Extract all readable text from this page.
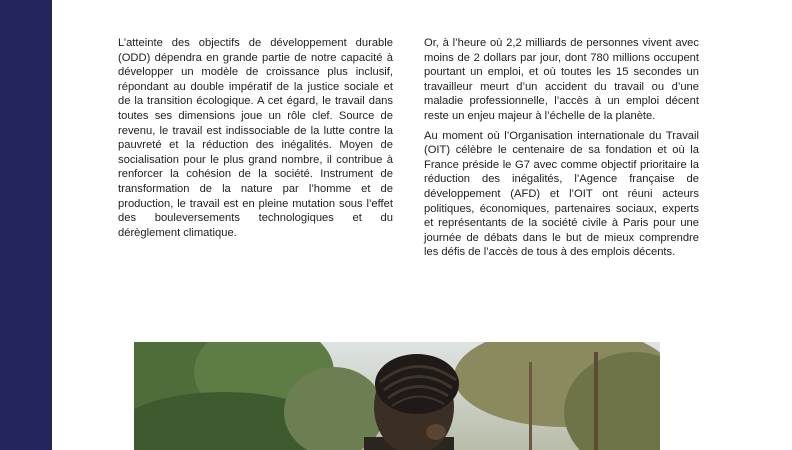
L’atteinte des objectifs de développement durable (ODD) dépendra en grande partie de notre capacité à développer un modèle de croissance plus inclusif, répondant au double impératif de la justice sociale et de la transition écologique. A cet égard, le travail dans toutes ses dimensions joue un rôle clef. Source de revenu, le travail est indissociable de la lutte contre la pauvreté et la réduction des inégalités. Moyen de socialisation pour le plus grand nombre, il contribue à renforcer la cohésion de la société. Instrument de transformation de la nature par l’homme et de production, le travail est en pleine mutation sous l’effet des bouleversements technologiques et du dérèglement climatique.

Or, à l’heure où 2,2 milliards de personnes vivent avec moins de 2 dollars par jour, dont 780 millions occupent pourtant un emploi, et où toutes les 15 secondes un travailleur meurt d’un accident du travail ou d’une maladie professionnelle, l’accès à un emploi décent reste un enjeu majeur à l’échelle de la planète.

Au moment où l’Organisation internationale du Travail (OIT) célèbre le centenaire de sa fondation et où la France préside le G7 avec comme objectif prioritaire la réduction des inégalités, l’Agence française de développement (AFD) et l’OIT ont réuni acteurs politiques, économiques, partenaires sociaux, experts et représentants de la société civile à Paris pour une journée de débats dans le but de mieux comprendre les défis de l’accès de tous à des emplois décents.
